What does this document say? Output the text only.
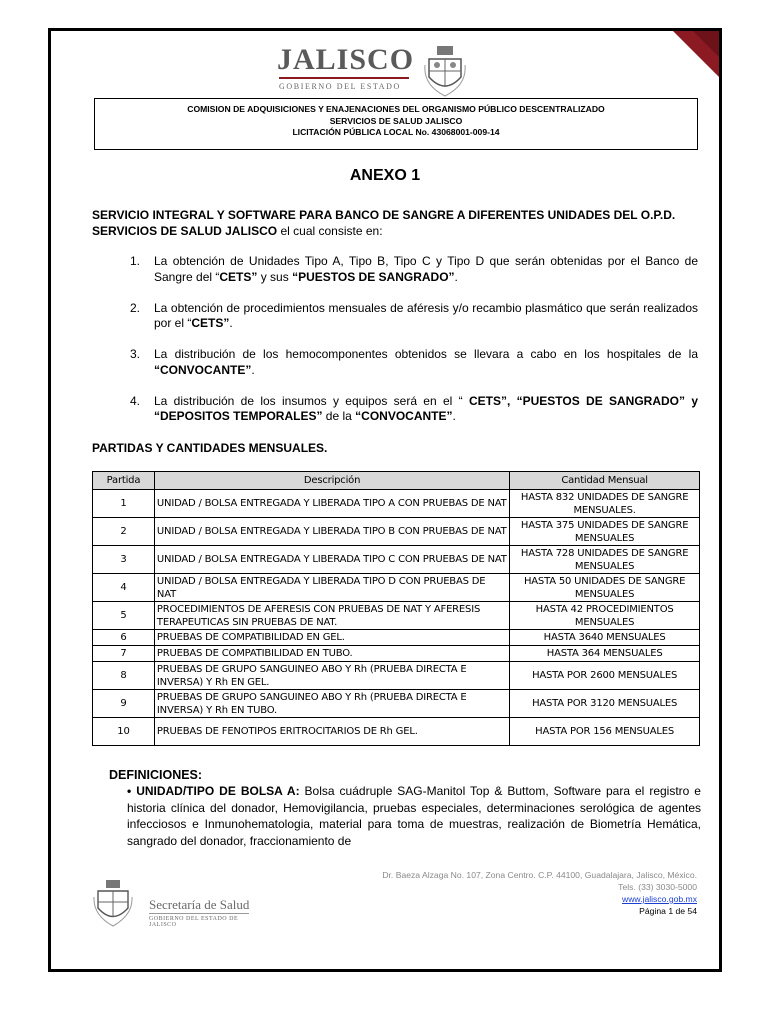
JALISCO
GOBIERNO DEL ESTADO
COMISION DE ADQUISICIONES Y ENAJENACIONES DEL ORGANISMO PÚBLICO DESCENTRALIZADO
SERVICIOS DE SALUD JALISCO
LICITACIÓN PÚBLICA LOCAL No. 43068001-009-14
ANEXO 1
SERVICIO INTEGRAL Y SOFTWARE PARA BANCO DE SANGRE A DIFERENTES UNIDADES DEL O.P.D. SERVICIOS DE SALUD JALISCO el cual consiste en:
1. La obtención de Unidades Tipo A, Tipo B, Tipo C y Tipo D que serán obtenidas por el Banco de Sangre del “CETS” y sus “PUESTOS DE SANGRADO”.
2. La obtención de procedimientos mensuales de aféresis y/o recambio plasmático que serán realizados por el “CETS”.
3. La distribución de los hemocomponentes obtenidos se llevara a cabo en los hospitales de la “CONVOCANTE”.
4. La distribución de los insumos y equipos será en el “ CETS”, “PUESTOS DE SANGRADO” y “DEPOSITOS TEMPORALES” de la “CONVOCANTE”.
PARTIDAS Y CANTIDADES MENSUALES.
Partida	Descripción	Cantidad Mensual
1	UNIDAD / BOLSA ENTREGADA Y LIBERADA TIPO A CON PRUEBAS DE NAT	HASTA 832 UNIDADES DE SANGRE MENSUALES.
2	UNIDAD / BOLSA ENTREGADA Y LIBERADA TIPO B CON PRUEBAS DE NAT	HASTA 375 UNIDADES DE SANGRE MENSUALES
3	UNIDAD / BOLSA ENTREGADA Y LIBERADA TIPO C CON PRUEBAS DE NAT	HASTA 728 UNIDADES DE SANGRE MENSUALES
4	UNIDAD / BOLSA ENTREGADA Y LIBERADA TIPO D CON PRUEBAS DE NAT	HASTA 50 UNIDADES DE SANGRE MENSUALES
5	PROCEDIMIENTOS DE AFERESIS CON PRUEBAS DE NAT Y AFERESIS TERAPEUTICAS SIN PRUEBAS DE NAT.	HASTA 42 PROCEDIMIENTOS MENSUALES
6	PRUEBAS DE COMPATIBILIDAD EN GEL.	HASTA 3640 MENSUALES
7	PRUEBAS DE COMPATIBILIDAD EN TUBO.	HASTA 364 MENSUALES
8	PRUEBAS DE GRUPO SANGUINEO ABO Y Rh (PRUEBA DIRECTA E INVERSA) Y Rh EN GEL.	HASTA POR 2600 MENSUALES
9	PRUEBAS DE GRUPO SANGUINEO ABO Y Rh (PRUEBA DIRECTA E INVERSA) Y Rh EN TUBO.	HASTA POR 3120 MENSUALES
10	PRUEBAS DE FENOTIPOS ERITROCITARIOS DE Rh GEL.	HASTA POR 156 MENSUALES
DEFINICIONES:
• UNIDAD/TIPO DE BOLSA A: Bolsa cuádruple SAG-Manitol Top & Buttom, Software para el registro e historia clínica del donador, Hemovigilancia, pruebas especiales, determinaciones serológica de agentes infecciosos e Inmunohematologia, material para toma de muestras, realización de Biometría Hemática, sangrado del donador, fraccionamiento de
Secretaría de Salud
GOBIERNO DEL ESTADO DE JALISCO
Dr. Baeza Alzaga No. 107, Zona Centro. C.P. 44100, Guadalajara, Jalisco, México.
Tels. (33) 3030-5000
www.jalisco.gob.mx
Página 1 de 54
